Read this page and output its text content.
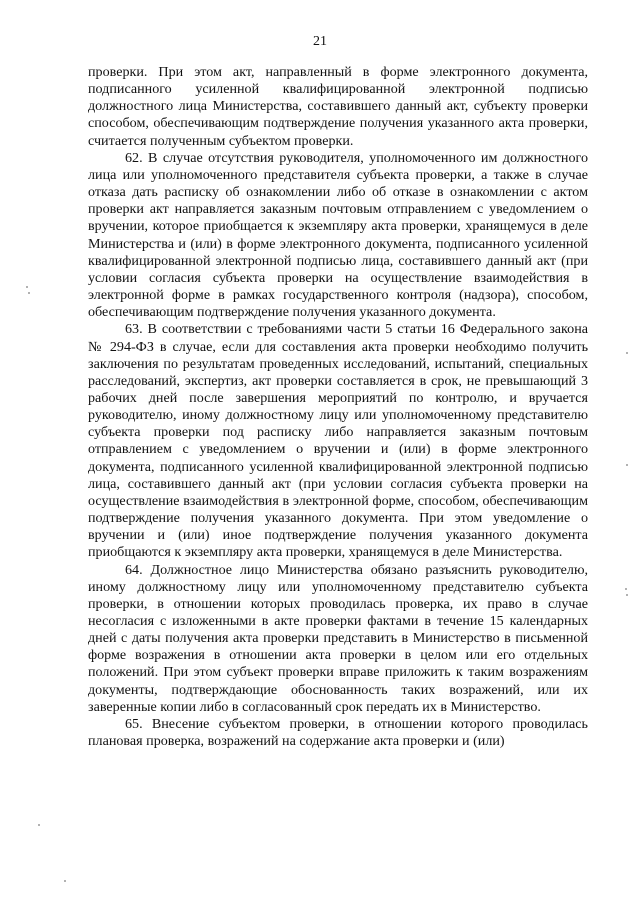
21

проверки. При этом акт, направленный в форме электронного документа, подписанного усиленной квалифицированной электронной подписью должностного лица Министерства, составившего данный акт, субъекту проверки способом, обеспечивающим подтверждение получения указанного акта проверки, считается полученным субъектом проверки.

62. В случае отсутствия руководителя, уполномоченного им должностного лица или уполномоченного представителя субъекта проверки, а также в случае отказа дать расписку об ознакомлении либо об отказе в ознакомлении с актом проверки акт направляется заказным почтовым отправлением с уведомлением о вручении, которое приобщается к экземпляру акта проверки, хранящемуся в деле Министерства и (или) в форме электронного документа, подписанного усиленной квалифицированной электронной подписью лица, составившего данный акт (при условии согласия субъекта проверки на осуществление взаимодействия в электронной форме в рамках государственного контроля (надзора), способом, обеспечивающим подтверждение получения указанного документа.

63. В соответствии с требованиями части 5 статьи 16 Федерального закона № 294-ФЗ в случае, если для составления акта проверки необходимо получить заключения по результатам проведенных исследований, испытаний, специальных расследований, экспертиз, акт проверки составляется в срок, не превышающий 3 рабочих дней после завершения мероприятий по контролю, и вручается руководителю, иному должностному лицу или уполномоченному представителю субъекта проверки под расписку либо направляется заказным почтовым отправлением с уведомлением о вручении и (или) в форме электронного документа, подписанного усиленной квалифицированной электронной подписью лица, составившего данный акт (при условии согласия субъекта проверки на осуществление взаимодействия в электронной форме, способом, обеспечивающим подтверждение получения указанного документа. При этом уведомление о вручении и (или) иное подтверждение получения указанного документа приобщаются к экземпляру акта проверки, хранящемуся в деле Министерства.

64. Должностное лицо Министерства обязано разъяснить руководителю, иному должностному лицу или уполномоченному представителю субъекта проверки, в отношении которых проводилась проверка, их право в случае несогласия с изложенными в акте проверки фактами в течение 15 календарных дней с даты получения акта проверки представить в Министерство в письменной форме возражения в отношении акта проверки в целом или его отдельных положений. При этом субъект проверки вправе приложить к таким возражениям документы, подтверждающие обоснованность таких возражений, или их заверенные копии либо в согласованный срок передать их в Министерство.

65. Внесение субъектом проверки, в отношении которого проводилась плановая проверка, возражений на содержание акта проверки и (или)
